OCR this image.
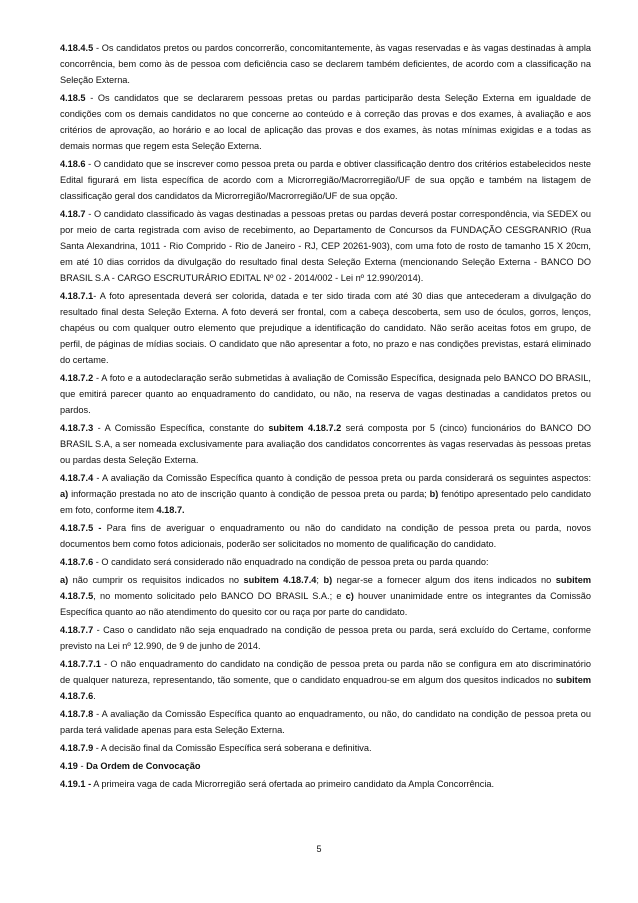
4.18.4.5 - Os candidatos pretos ou pardos concorrerão, concomitantemente, às vagas reservadas e às vagas destinadas à ampla concorrência, bem como às de pessoa com deficiência caso se declarem também deficientes, de acordo com a classificação na Seleção Externa.

4.18.5 - Os candidatos que se declararem pessoas pretas ou pardas participarão desta Seleção Externa em igualdade de condições com os demais candidatos no que concerne ao conteúdo e à correção das provas e dos exames, à avaliação e aos critérios de aprovação, ao horário e ao local de aplicação das provas e dos exames, às notas mínimas exigidas e a todas as demais normas que regem esta Seleção Externa.

4.18.6 - O candidato que se inscrever como pessoa preta ou parda e obtiver classificação dentro dos critérios estabelecidos neste Edital figurará em lista específica de acordo com a Microrregião/Macrorregião/UF de sua opção e também na listagem de classificação geral dos candidatos da Microrregião/Macrorregião/UF de sua opção.

4.18.7 - O candidato classificado às vagas destinadas a pessoas pretas ou pardas deverá postar correspondência, via SEDEX ou por meio de carta registrada com aviso de recebimento, ao Departamento de Concursos da FUNDAÇÃO CESGRANRIO (Rua Santa Alexandrina, 1011 - Rio Comprido - Rio de Janeiro - RJ, CEP 20261-903), com uma foto de rosto de tamanho 15 X 20cm, em até 10 dias corridos da divulgação do resultado final desta Seleção Externa (mencionando Seleção Externa - BANCO DO BRASIL S.A - CARGO ESCRUTURÁRIO EDITAL Nº 02 - 2014/002 - Lei nº 12.990/2014).

4.18.7.1- A foto apresentada deverá ser colorida, datada e ter sido tirada com até 30 dias que antecederam a divulgação do resultado final desta Seleção Externa. A foto deverá ser frontal, com a cabeça descoberta, sem uso de óculos, gorros, lenços, chapéus ou com qualquer outro elemento que prejudique a identificação do candidato. Não serão aceitas fotos em grupo, de perfil, de páginas de mídias sociais. O candidato que não apresentar a foto, no prazo e nas condições previstas, estará eliminado do certame.

4.18.7.2 - A foto e a autodeclaração serão submetidas à avaliação de Comissão Específica, designada pelo BANCO DO BRASIL, que emitirá parecer quanto ao enquadramento do candidato, ou não, na reserva de vagas destinadas a candidatos pretos ou pardos.

4.18.7.3 - A Comissão Específica, constante do subitem 4.18.7.2 será composta por 5 (cinco) funcionários do BANCO DO BRASIL S.A, a ser nomeada exclusivamente para avaliação dos candidatos concorrentes às vagas reservadas às pessoas pretas ou pardas desta Seleção Externa.

4.18.7.4 - A avaliação da Comissão Específica quanto à condição de pessoa preta ou parda considerará os seguintes aspectos: a) informação prestada no ato de inscrição quanto à condição de pessoa preta ou parda; b) fenótipo apresentado pelo candidato em foto, conforme item 4.18.7.

4.18.7.5 - Para fins de averiguar o enquadramento ou não do candidato na condição de pessoa preta ou parda, novos documentos bem como fotos adicionais, poderão ser solicitados no momento de qualificação do candidato.

4.18.7.6 - O candidato será considerado não enquadrado na condição de pessoa preta ou parda quando:

a) não cumprir os requisitos indicados no subitem 4.18.7.4; b) negar-se a fornecer algum dos itens indicados no subitem 4.18.7.5, no momento solicitado pelo BANCO DO BRASIL S.A.; e c) houver unanimidade entre os integrantes da Comissão Específica quanto ao não atendimento do quesito cor ou raça por parte do candidato.

4.18.7.7 - Caso o candidato não seja enquadrado na condição de pessoa preta ou parda, será excluído do Certame, conforme previsto na Lei nº 12.990, de 9 de junho de 2014.

4.18.7.7.1 - O não enquadramento do candidato na condição de pessoa preta ou parda não se configura em ato discriminatório de qualquer natureza, representando, tão somente, que o candidato enquadrou-se em algum dos quesitos indicados no subitem 4.18.7.6.

4.18.7.8 - A avaliação da Comissão Específica quanto ao enquadramento, ou não, do candidato na condição de pessoa preta ou parda terá validade apenas para esta Seleção Externa.

4.18.7.9 - A decisão final da Comissão Específica será soberana e definitiva.

4.19 - Da Ordem de Convocação

4.19.1 - A primeira vaga de cada Microrregião será ofertada ao primeiro candidato da Ampla Concorrência.

5
